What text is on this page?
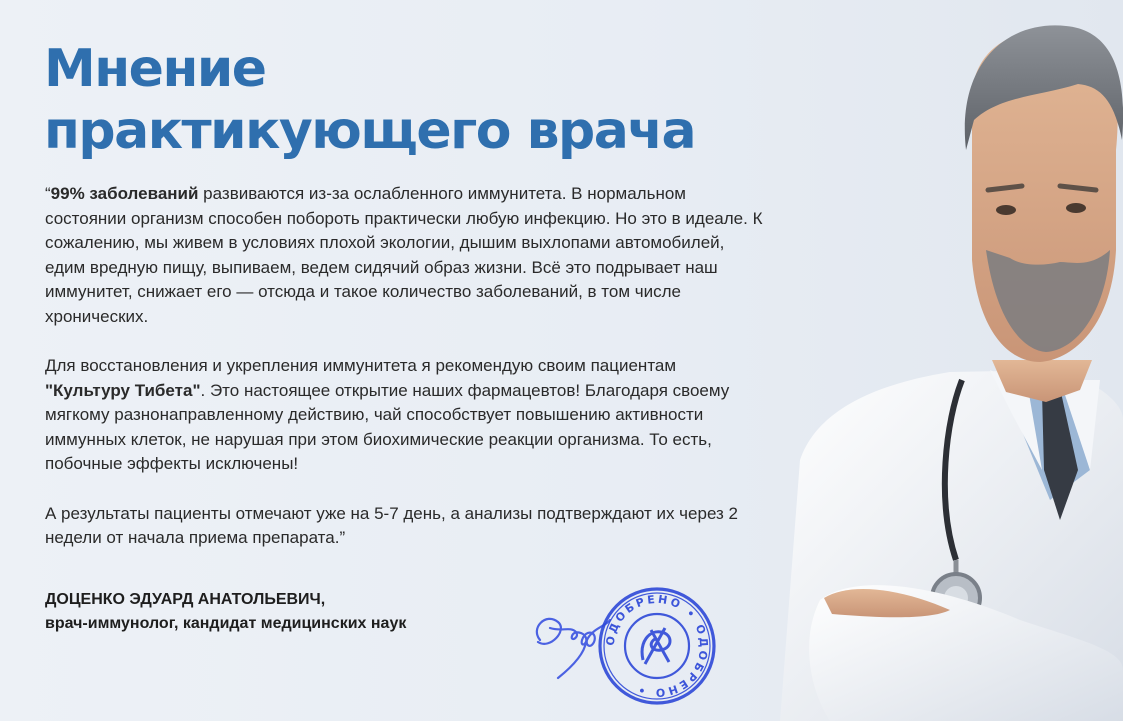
Мнение
практикующего врача

“99% заболеваний развиваются из-за ослабленного иммунитета. В нормальном состоянии организм способен побороть практически любую инфекцию. Но это в идеале. К сожалению, мы живем в условиях плохой экологии, дышим выхлопами автомобилей, едим вредную пищу, выпиваем, ведем сидячий образ жизни. Всё это подрывает наш иммунитет, снижает его — отсюда и такое количество заболеваний, в том числе хронических.

Для восстановления и укрепления иммунитета я рекомендую своим пациентам "Культуру Тибета". Это настоящее открытие наших фармацевтов! Благодаря своему мягкому разнонаправленному действию, чай способствует повышению активности иммунных клеток, не нарушая при этом биохимические реакции организма. То есть, побочные эффекты исключены!

А результаты пациенты отмечают уже на 5-7 день, а анализы подтверждают их через 2 недели от начала приема препарата.”

ДОЦЕНКО ЭДУАРД АНАТОЛЬЕВИЧ,
врач-иммунолог, кандидат медицинских наук
ОДОБРЕНО • ОДОБРЕНО •
